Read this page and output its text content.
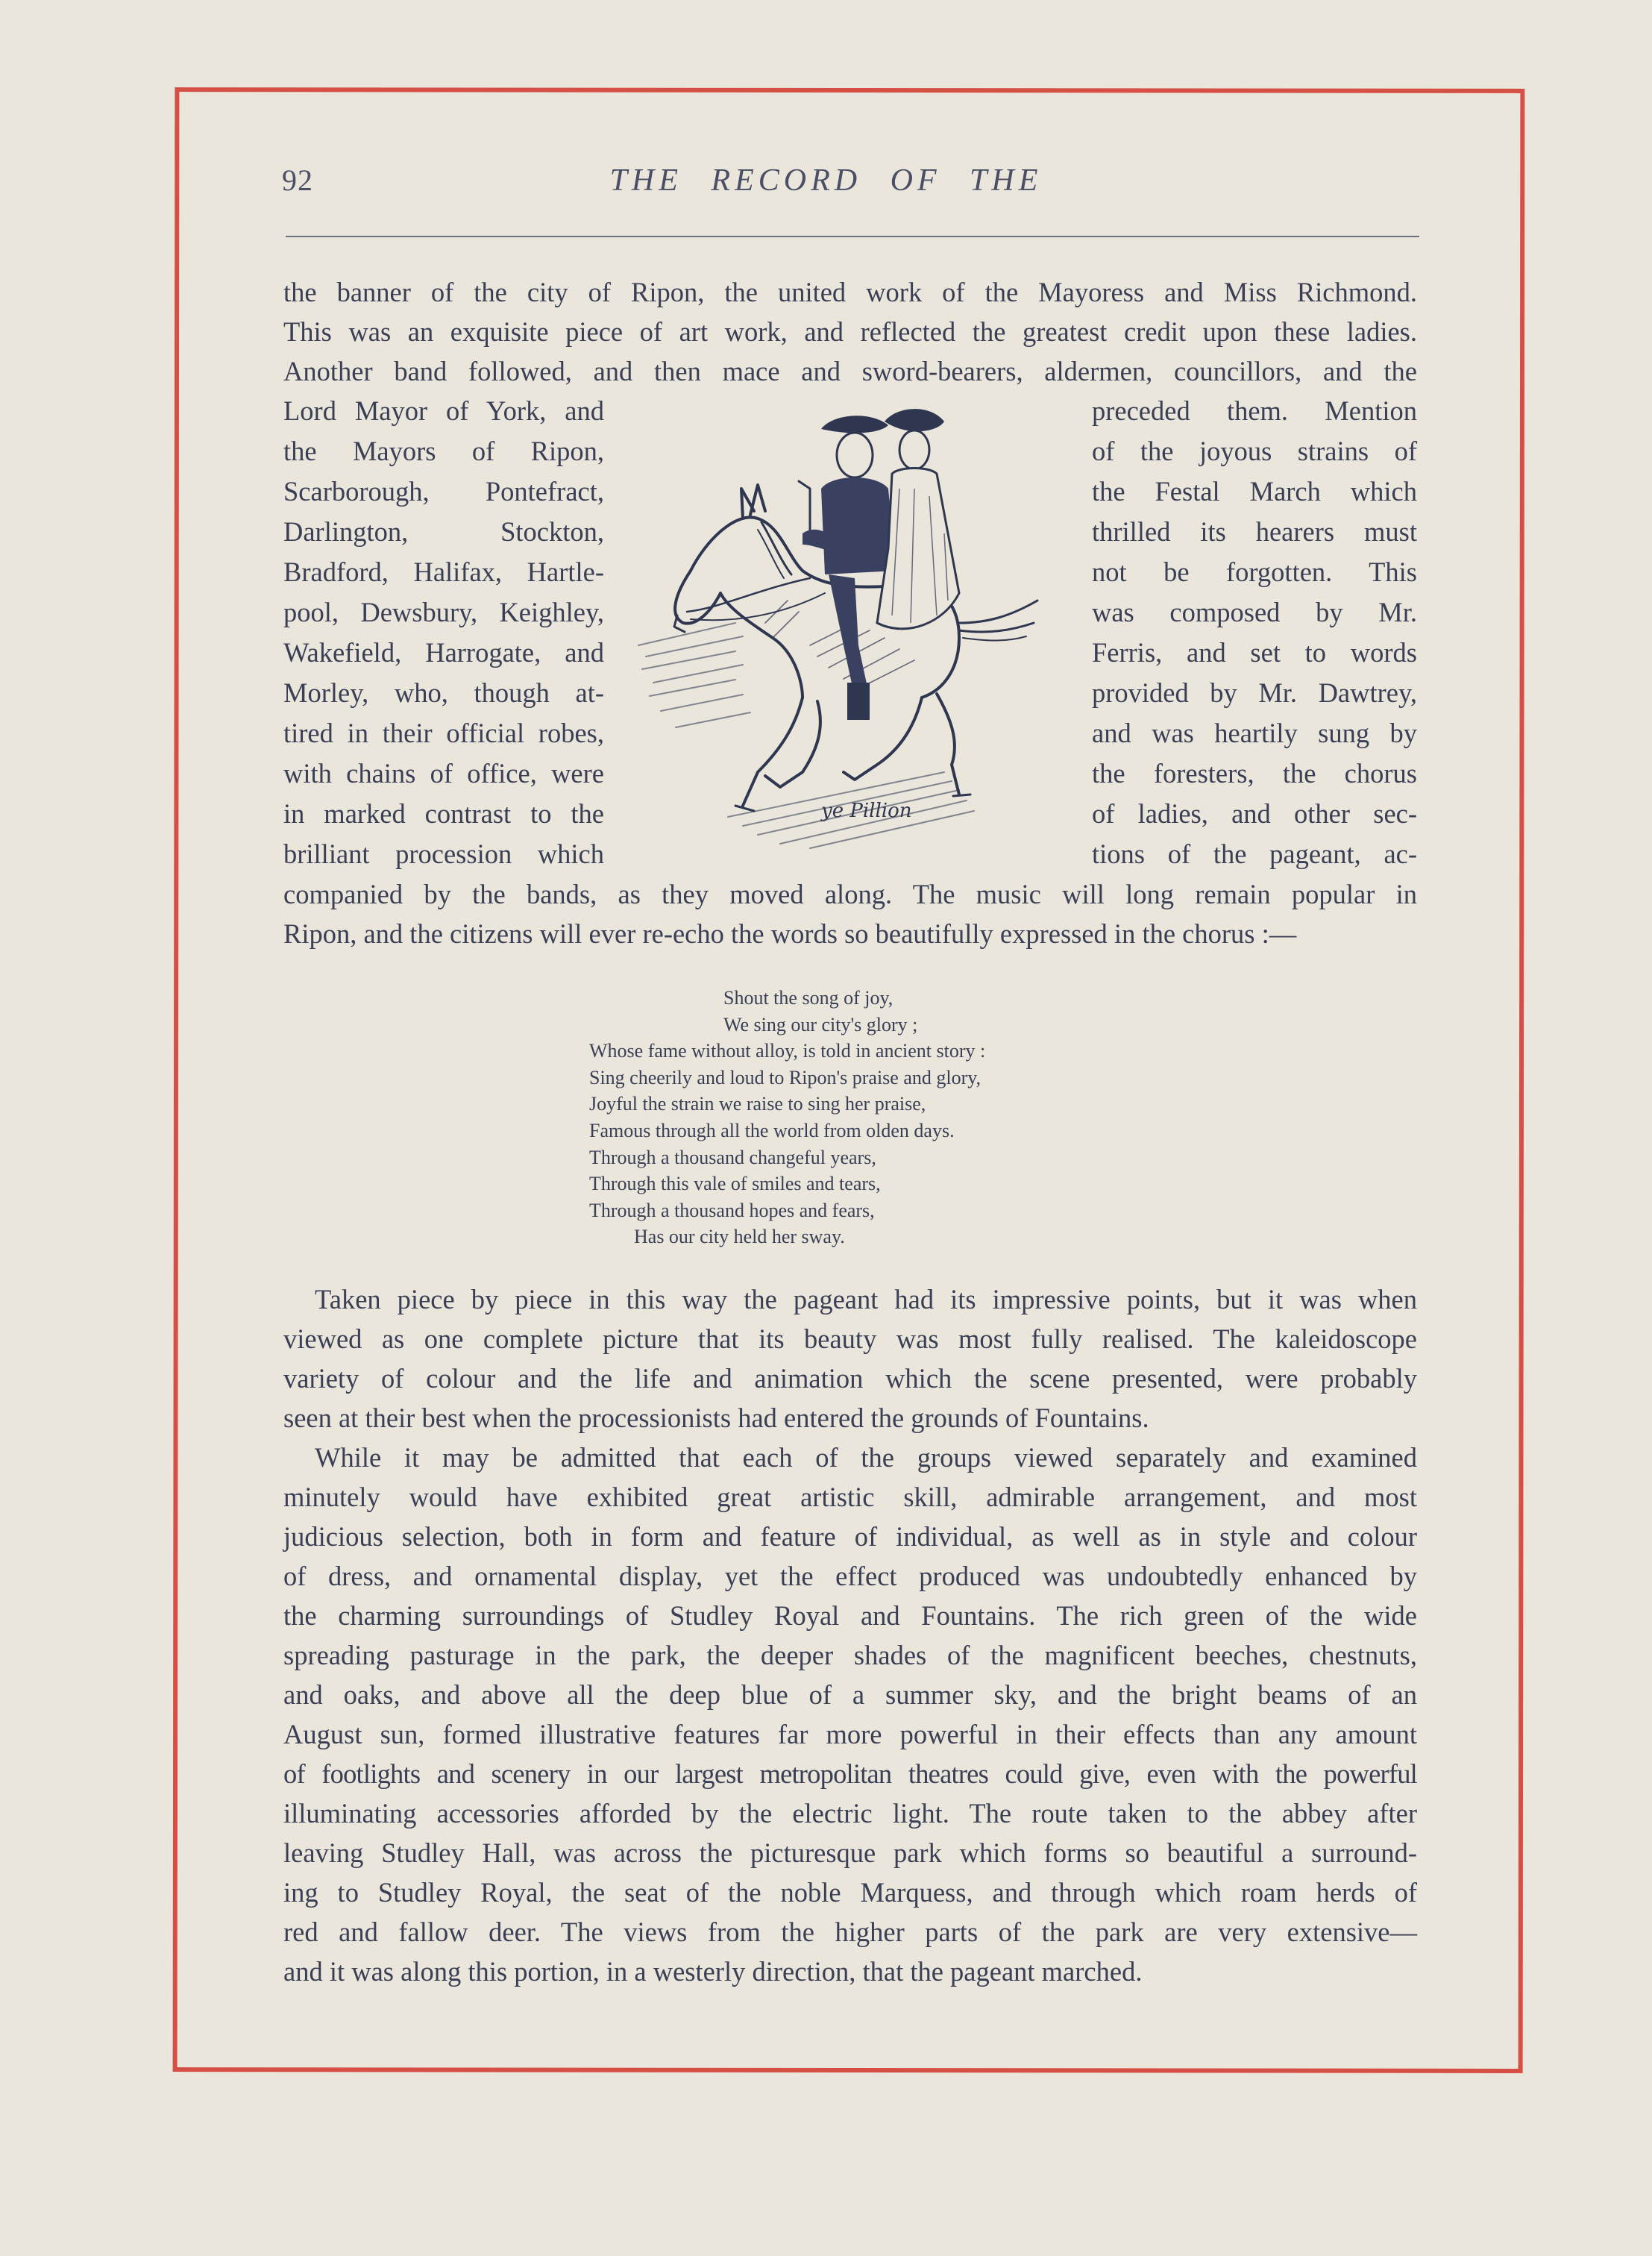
THE RECORD OF THE
92
the banner of the city of Ripon, the united work of the Mayoress and Miss Richmond.
This was an exquisite piece of art work, and reflected the greatest credit upon these ladies.
Another band followed, and then mace and sword-bearers, aldermen, councillors, and the
Lord Mayor of York, and
the Mayors of Ripon,
Scarborough, Pontefract,
Darlington, Stockton,
Bradford, Halifax, Hartle-
pool, Dewsbury, Keighley,
Wakefield, Harrogate, and
Morley, who, though at-
tired in their official robes,
with chains of office, were
in marked contrast to the
brilliant procession which
preceded them. Mention
of the joyous strains of
the Festal March which
thrilled its hearers must
not be forgotten. This
was composed by Mr.
Ferris, and set to words
provided by Mr. Dawtrey,
and was heartily sung by
the foresters, the chorus
of ladies, and other sec-
tions of the pageant, ac-
ye Pillion
companied by the bands, as they moved along. The music will long remain popular in
Ripon, and the citizens will ever re-echo the words so beautifully expressed in the chorus :—
Shout the song of joy,
We sing our city's glory ;
Whose fame without alloy, is told in ancient story :
Sing cheerily and loud to Ripon's praise and glory,
Joyful the strain we raise to sing her praise,
Famous through all the world from olden days.
Through a thousand changeful years,
Through this vale of smiles and tears,
Through a thousand hopes and fears,
Has our city held her sway.
Taken piece by piece in this way the pageant had its impressive points, but it was when
viewed as one complete picture that its beauty was most fully realised. The kaleidoscope
variety of colour and the life and animation which the scene presented, were probably
seen at their best when the processionists had entered the grounds of Fountains.
While it may be admitted that each of the groups viewed separately and examined
minutely would have exhibited great artistic skill, admirable arrangement, and most
judicious selection, both in form and feature of individual, as well as in style and colour
of dress, and ornamental display, yet the effect produced was undoubtedly enhanced by
the charming surroundings of Studley Royal and Fountains. The rich green of the wide
spreading pasturage in the park, the deeper shades of the magnificent beeches, chestnuts,
and oaks, and above all the deep blue of a summer sky, and the bright beams of an
August sun, formed illustrative features far more powerful in their effects than any amount
of footlights and scenery in our largest metropolitan theatres could give, even with the powerful
illuminating accessories afforded by the electric light. The route taken to the abbey after
leaving Studley Hall, was across the picturesque park which forms so beautiful a surround-
ing to Studley Royal, the seat of the noble Marquess, and through which roam herds of
red and fallow deer. The views from the higher parts of the park are very extensive—
and it was along this portion, in a westerly direction, that the pageant marched.
